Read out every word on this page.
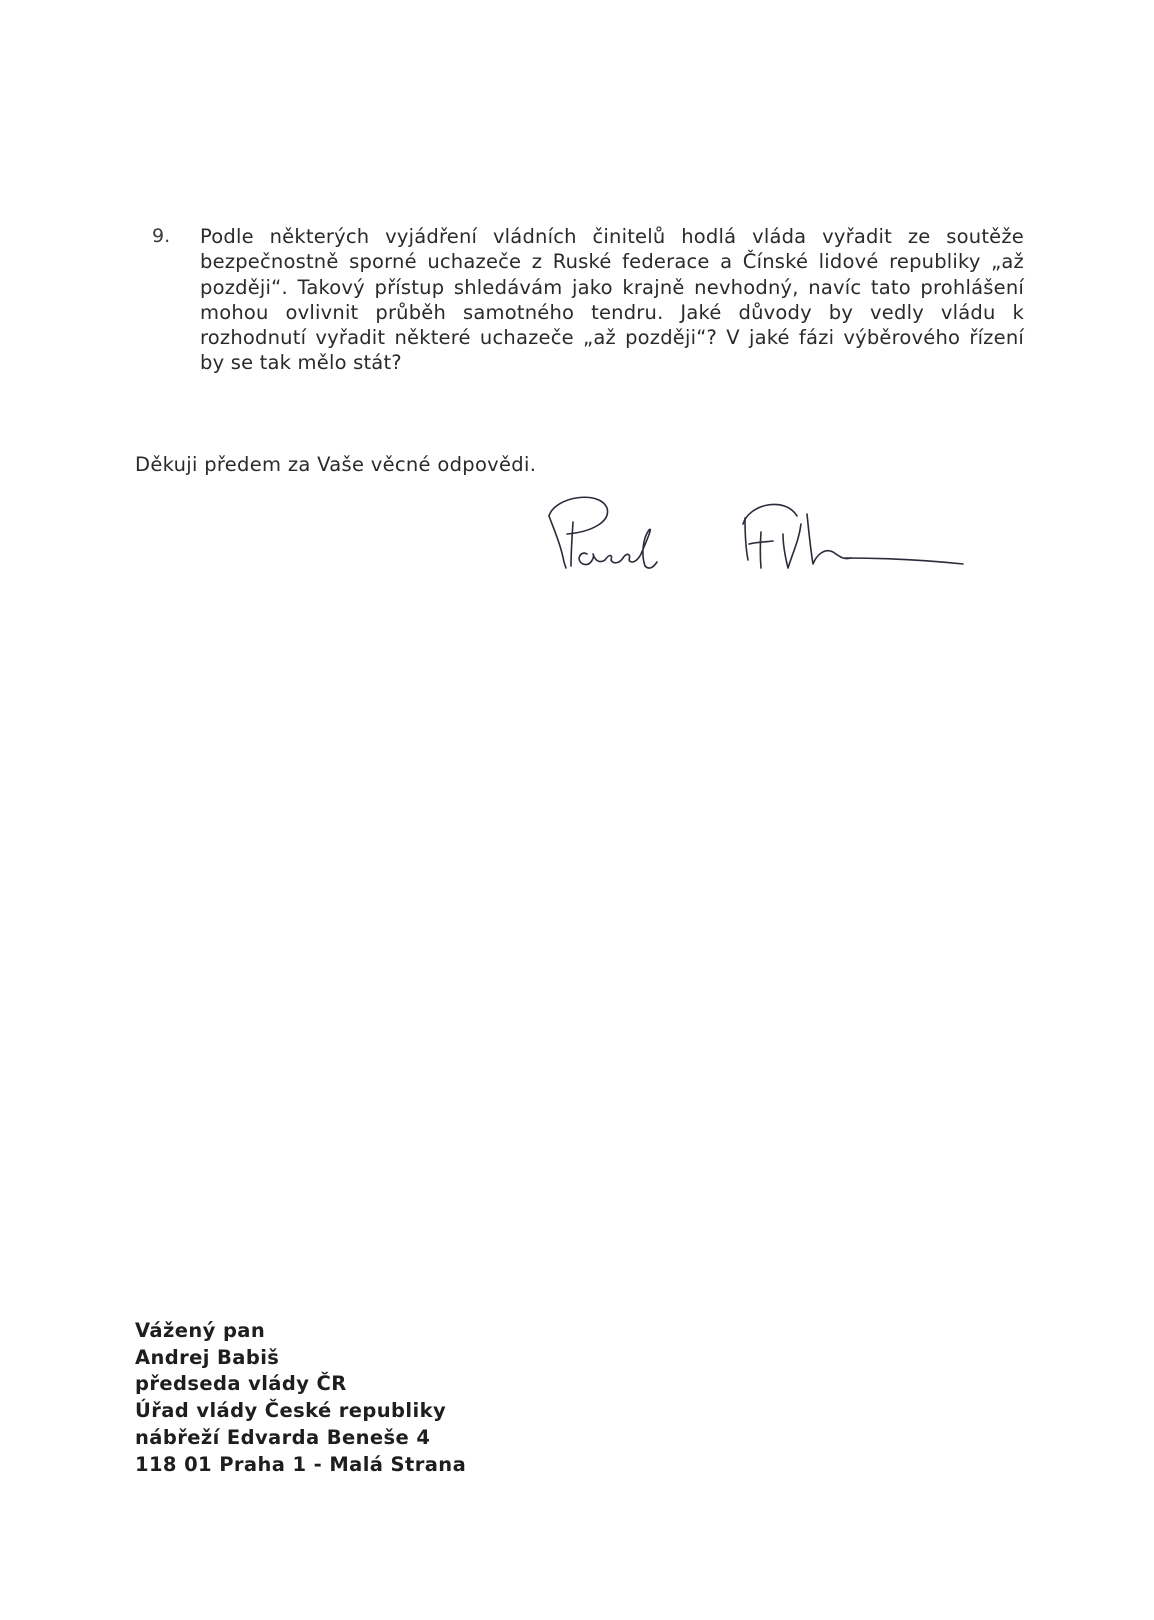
9. Podle některých vyjádření vládních činitelů hodlá vláda vyřadit ze soutěže bezpečnostně sporné uchazeče z Ruské federace a Čínské lidové republiky „až později“. Takový přístup shledávám jako krajně nevhodný, navíc tato prohlášení mohou ovlivnit průběh samotného tendru. Jaké důvody by vedly vládu k rozhodnutí vyřadit některé uchazeče „až později“? V jaké fázi výběrového řízení by se tak mělo stát?
Děkuji předem za Vaše věcné odpovědi.
Vážený pan
Andrej Babiš
předseda vlády ČR
Úřad vlády České republiky
nábřeží Edvarda Beneše 4
118 01 Praha 1 - Malá Strana
